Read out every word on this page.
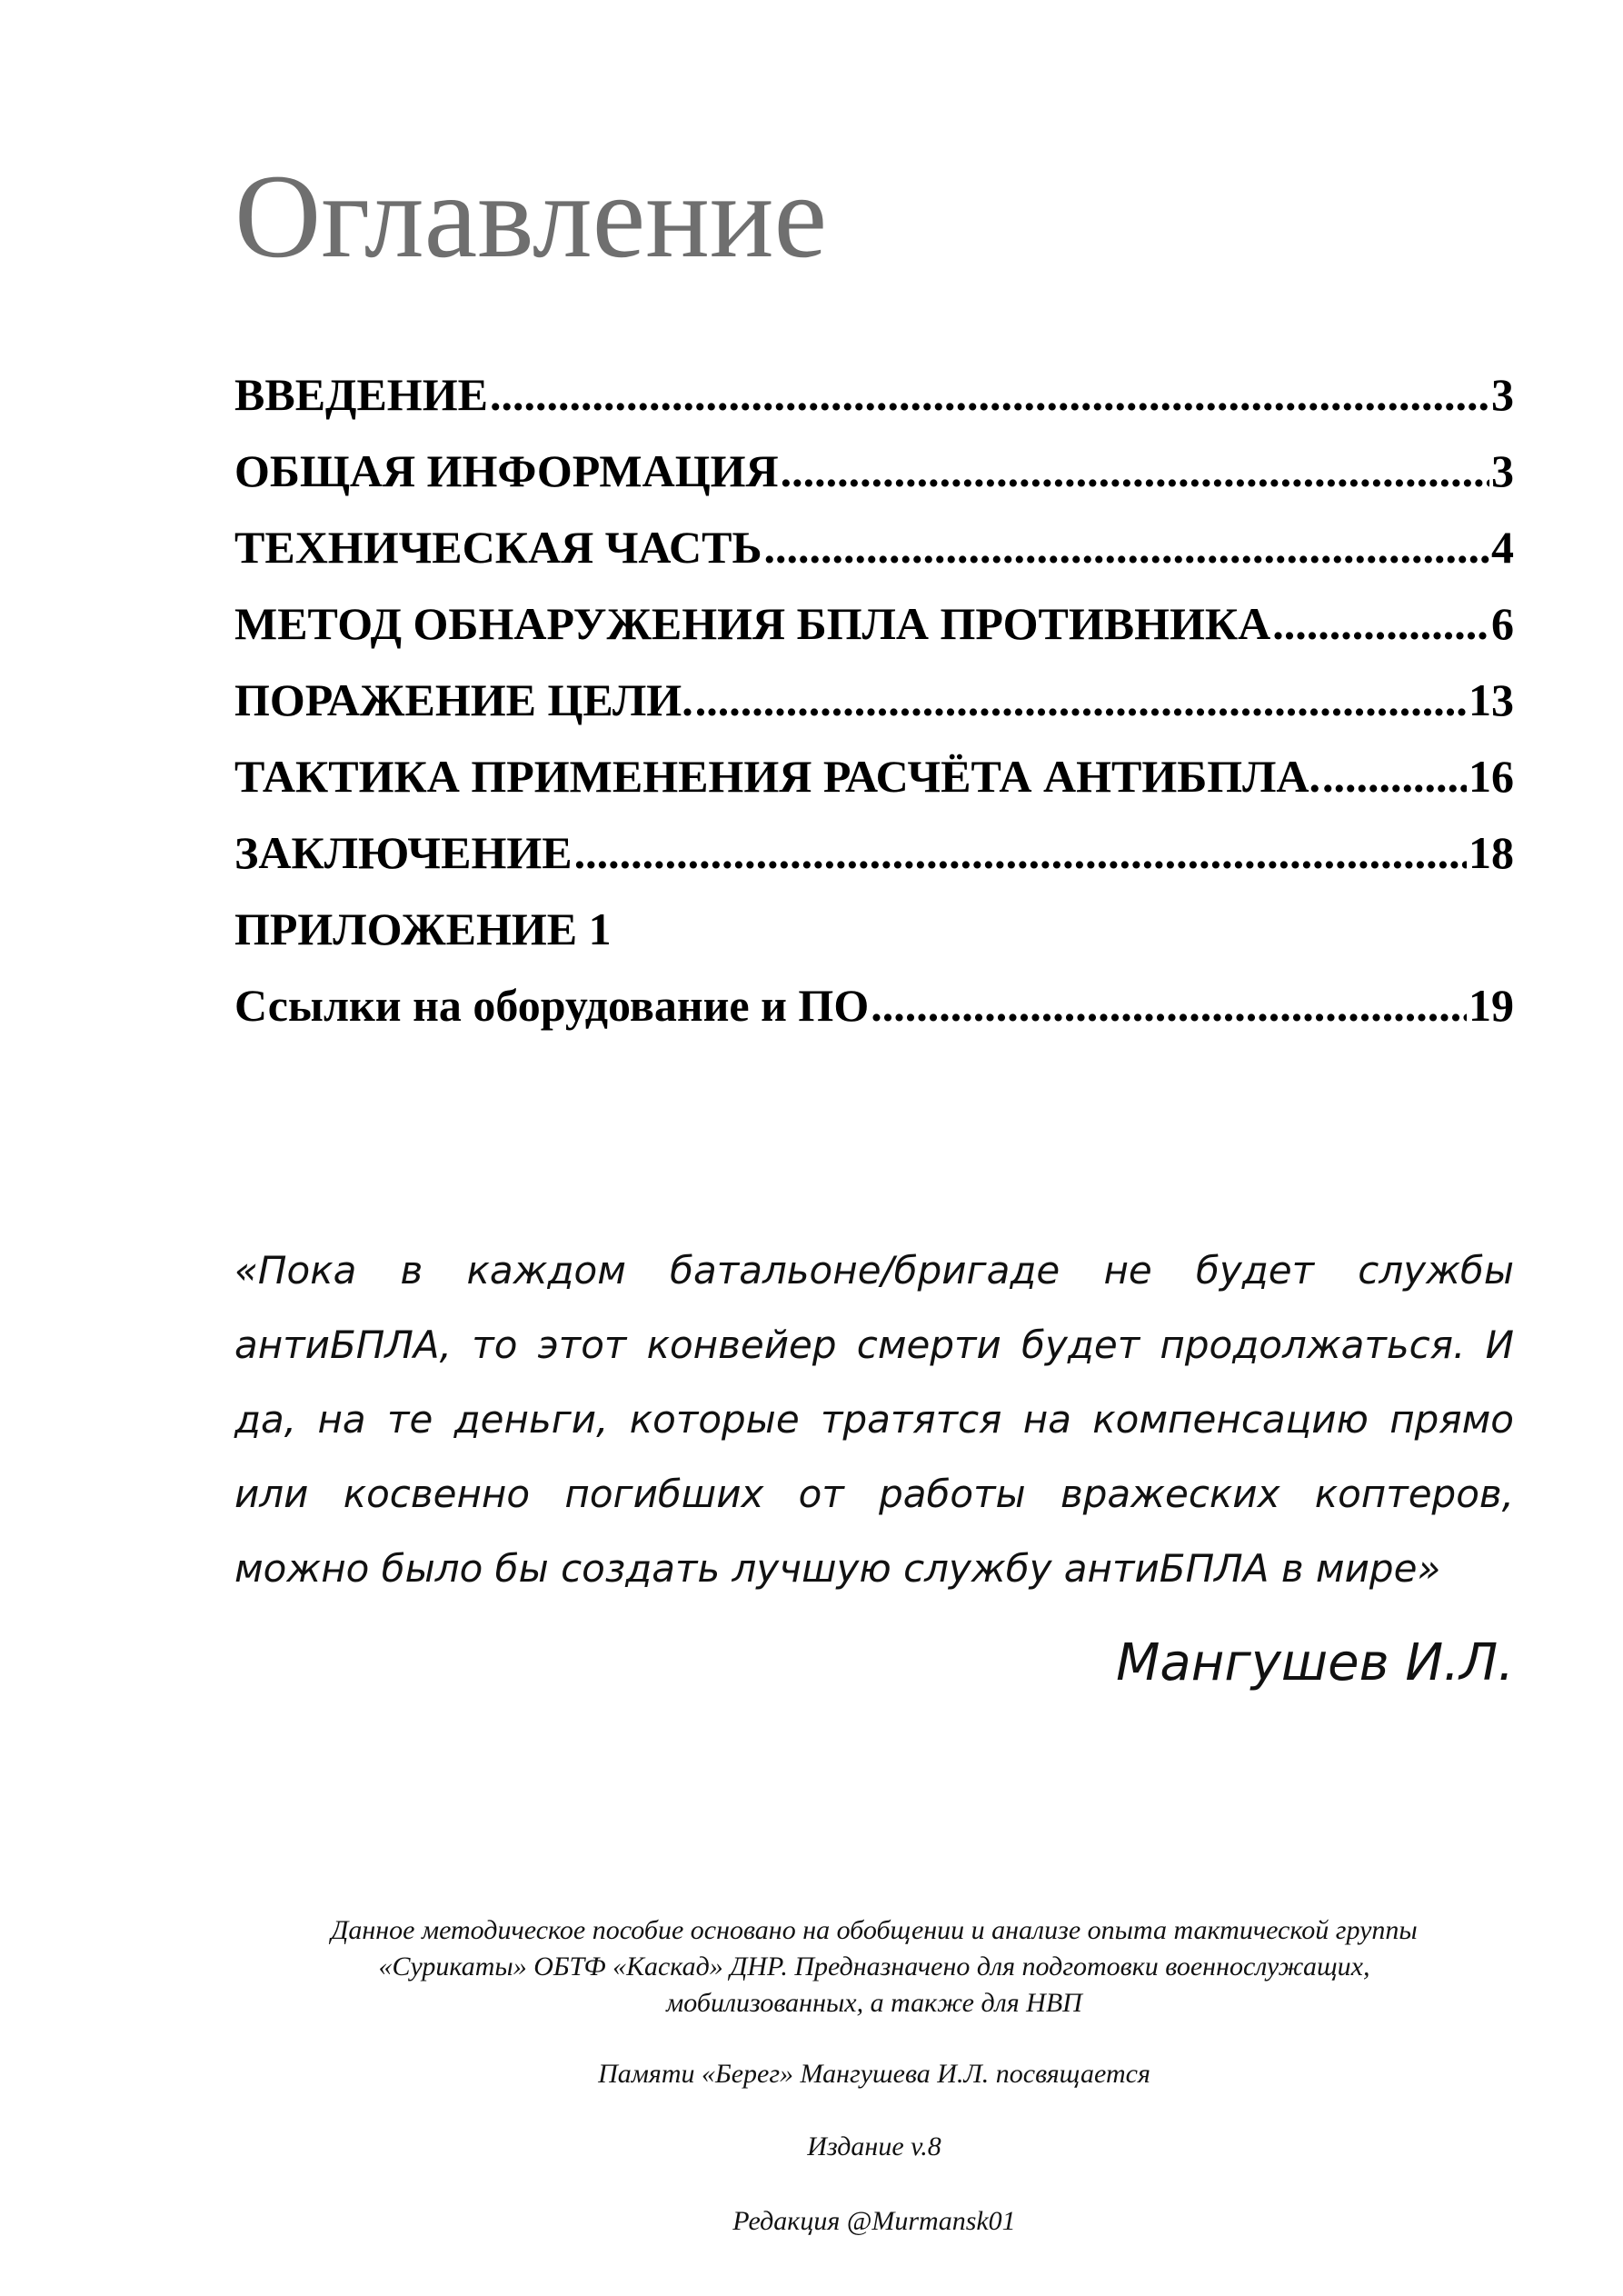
Оглавление
ВВЕДЕНИЕ .....	3
ОБЩАЯ ИНФОРМАЦИЯ .....	3
ТЕХНИЧЕСКАЯ ЧАСТЬ .....	4
МЕТОД ОБНАРУЖЕНИЯ БПЛА ПРОТИВНИКА .....	6
ПОРАЖЕНИЕ ЦЕЛИ. .....	13
ТАКТИКА ПРИМЕНЕНИЯ РАСЧЁТА АНТИБПЛА. .....	16
ЗАКЛЮЧЕНИЕ .....	18
ПРИЛОЖЕНИЕ 1
Ссылки на оборудование и ПО .....	19

«Пока в каждом батальоне/бригаде не будет службы антиБПЛА, то этот конвейер смерти будет продолжаться. И да, на те деньги, которые тратятся на компенсацию прямо или косвенно погибших от работы вражеских коптеров, можно было бы создать лучшую службу антиБПЛА в мире»

Мангушев И.Л.

Данное методическое пособие основано на обобщении и анализе опыта тактической группы
«Сурикаты» ОБТФ «Каскад» ДНР. Предназначено для подготовки военнослужащих,
мобилизованных, а также для НВП
Памяти «Берег» Мангушева И.Л. посвящается
Издание v.8
Редакция @Murmansk01
